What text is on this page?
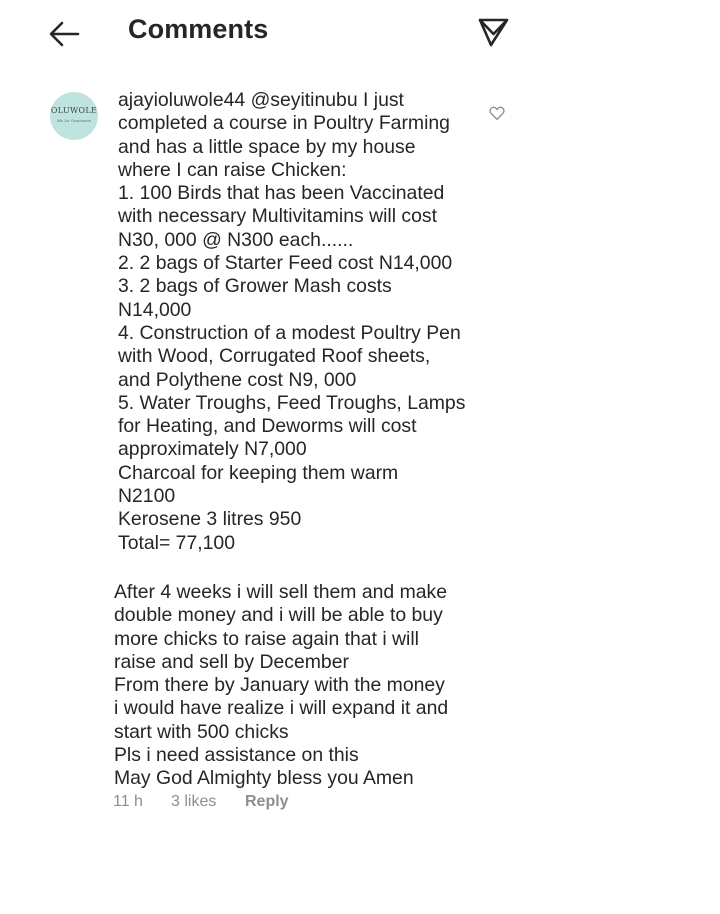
Comments
OLUWOLE
Ms Le Gracieuse
ajayioluwole44 @seyitinubu I just
completed a course in Poultry Farming
and has a little space by my house
where I can raise Chicken:
1. 100 Birds that has been Vaccinated
with necessary Multivitamins will cost
N30, 000 @ N300 each......
2. 2 bags of Starter Feed cost N14,000
3. 2 bags of Grower Mash costs
N14,000
4. Construction of a modest Poultry Pen
with Wood, Corrugated Roof sheets,
and Polythene cost N9, 000
5. Water Troughs, Feed Troughs, Lamps
for Heating, and Deworms will cost
approximately N7,000
Charcoal for keeping them warm
N2100
Kerosene 3 litres 950
Total= 77,100
After 4 weeks i will sell them and make
double money and i will be able to buy
more chicks to raise again that i will
raise and sell by December
From there by January with the money
i would have realize i will expand it and
start with 500 chicks
Pls i need assistance on this
May God Almighty bless you Amen
11 h 3 likes Reply
